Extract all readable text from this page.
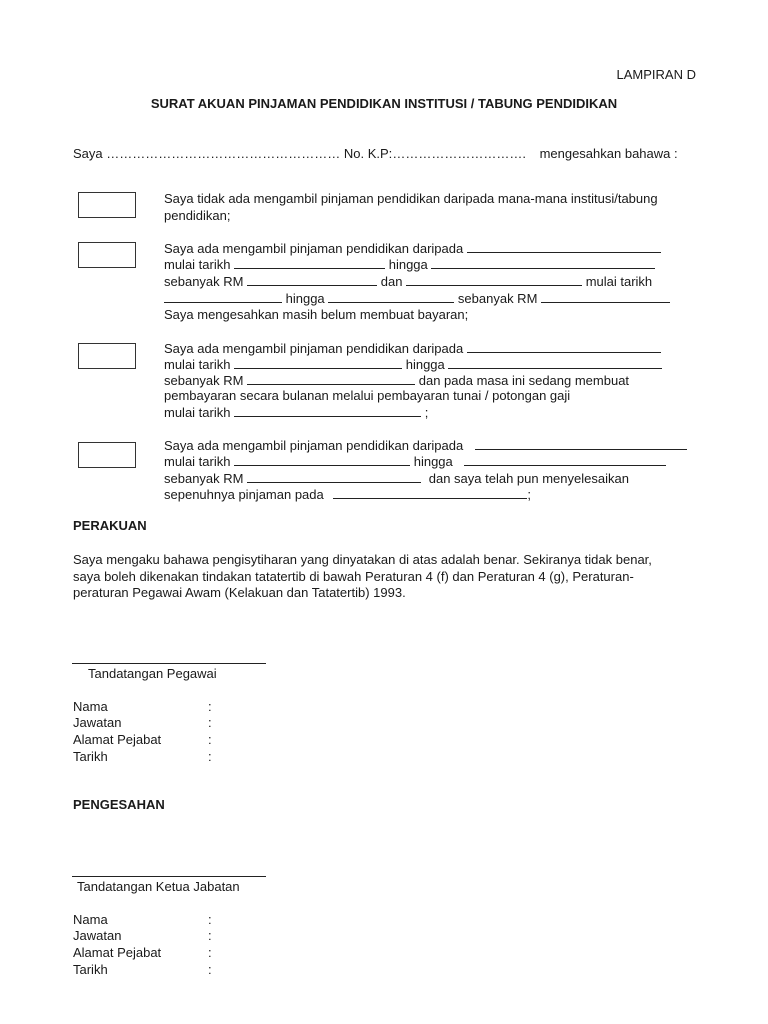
LAMPIRAN D
SURAT AKUAN PINJAMAN PENDIDIKAN INSTITUSI / TABUNG PENDIDIKAN
Saya ……………………………………………… No. K.P:…………………………. mengesahkan bahawa :
Saya tidak ada mengambil pinjaman pendidikan daripada mana-mana institusi/tabung
pendidikan;
Saya ada mengambil pinjaman pendidikan daripada
mulai tarikh	hingga
sebanyak RM	dan	mulai tarikh
hingga	sebanyak RM
Saya mengesahkan masih belum membuat bayaran;
Saya ada mengambil pinjaman pendidikan daripada
mulai tarikh	hingga
sebanyak RM	dan pada masa ini sedang membuat
pembayaran secara bulanan melalui pembayaran tunai / potongan gaji
mulai tarikh	;
Saya ada mengambil pinjaman pendidikan daripada
mulai tarikh	hingga
sebanyak RM	dan saya telah pun menyelesaikan
sepenuhnya pinjaman pada	;
PERAKUAN
Saya mengaku bahawa pengisytiharan yang dinyatakan di atas adalah benar. Sekiranya tidak benar,
saya boleh dikenakan tindakan tatatertib di bawah Peraturan 4 (f) dan Peraturan 4 (g), Peraturan-
peraturan Pegawai Awam (Kelakuan dan Tatatertib) 1993.
Tandatangan Pegawai
Nama	:
Jawatan	:
Alamat Pejabat	:
Tarikh	:
PENGESAHAN
Tandatangan Ketua Jabatan
Nama	:
Jawatan	:
Alamat Pejabat	:
Tarikh	:
